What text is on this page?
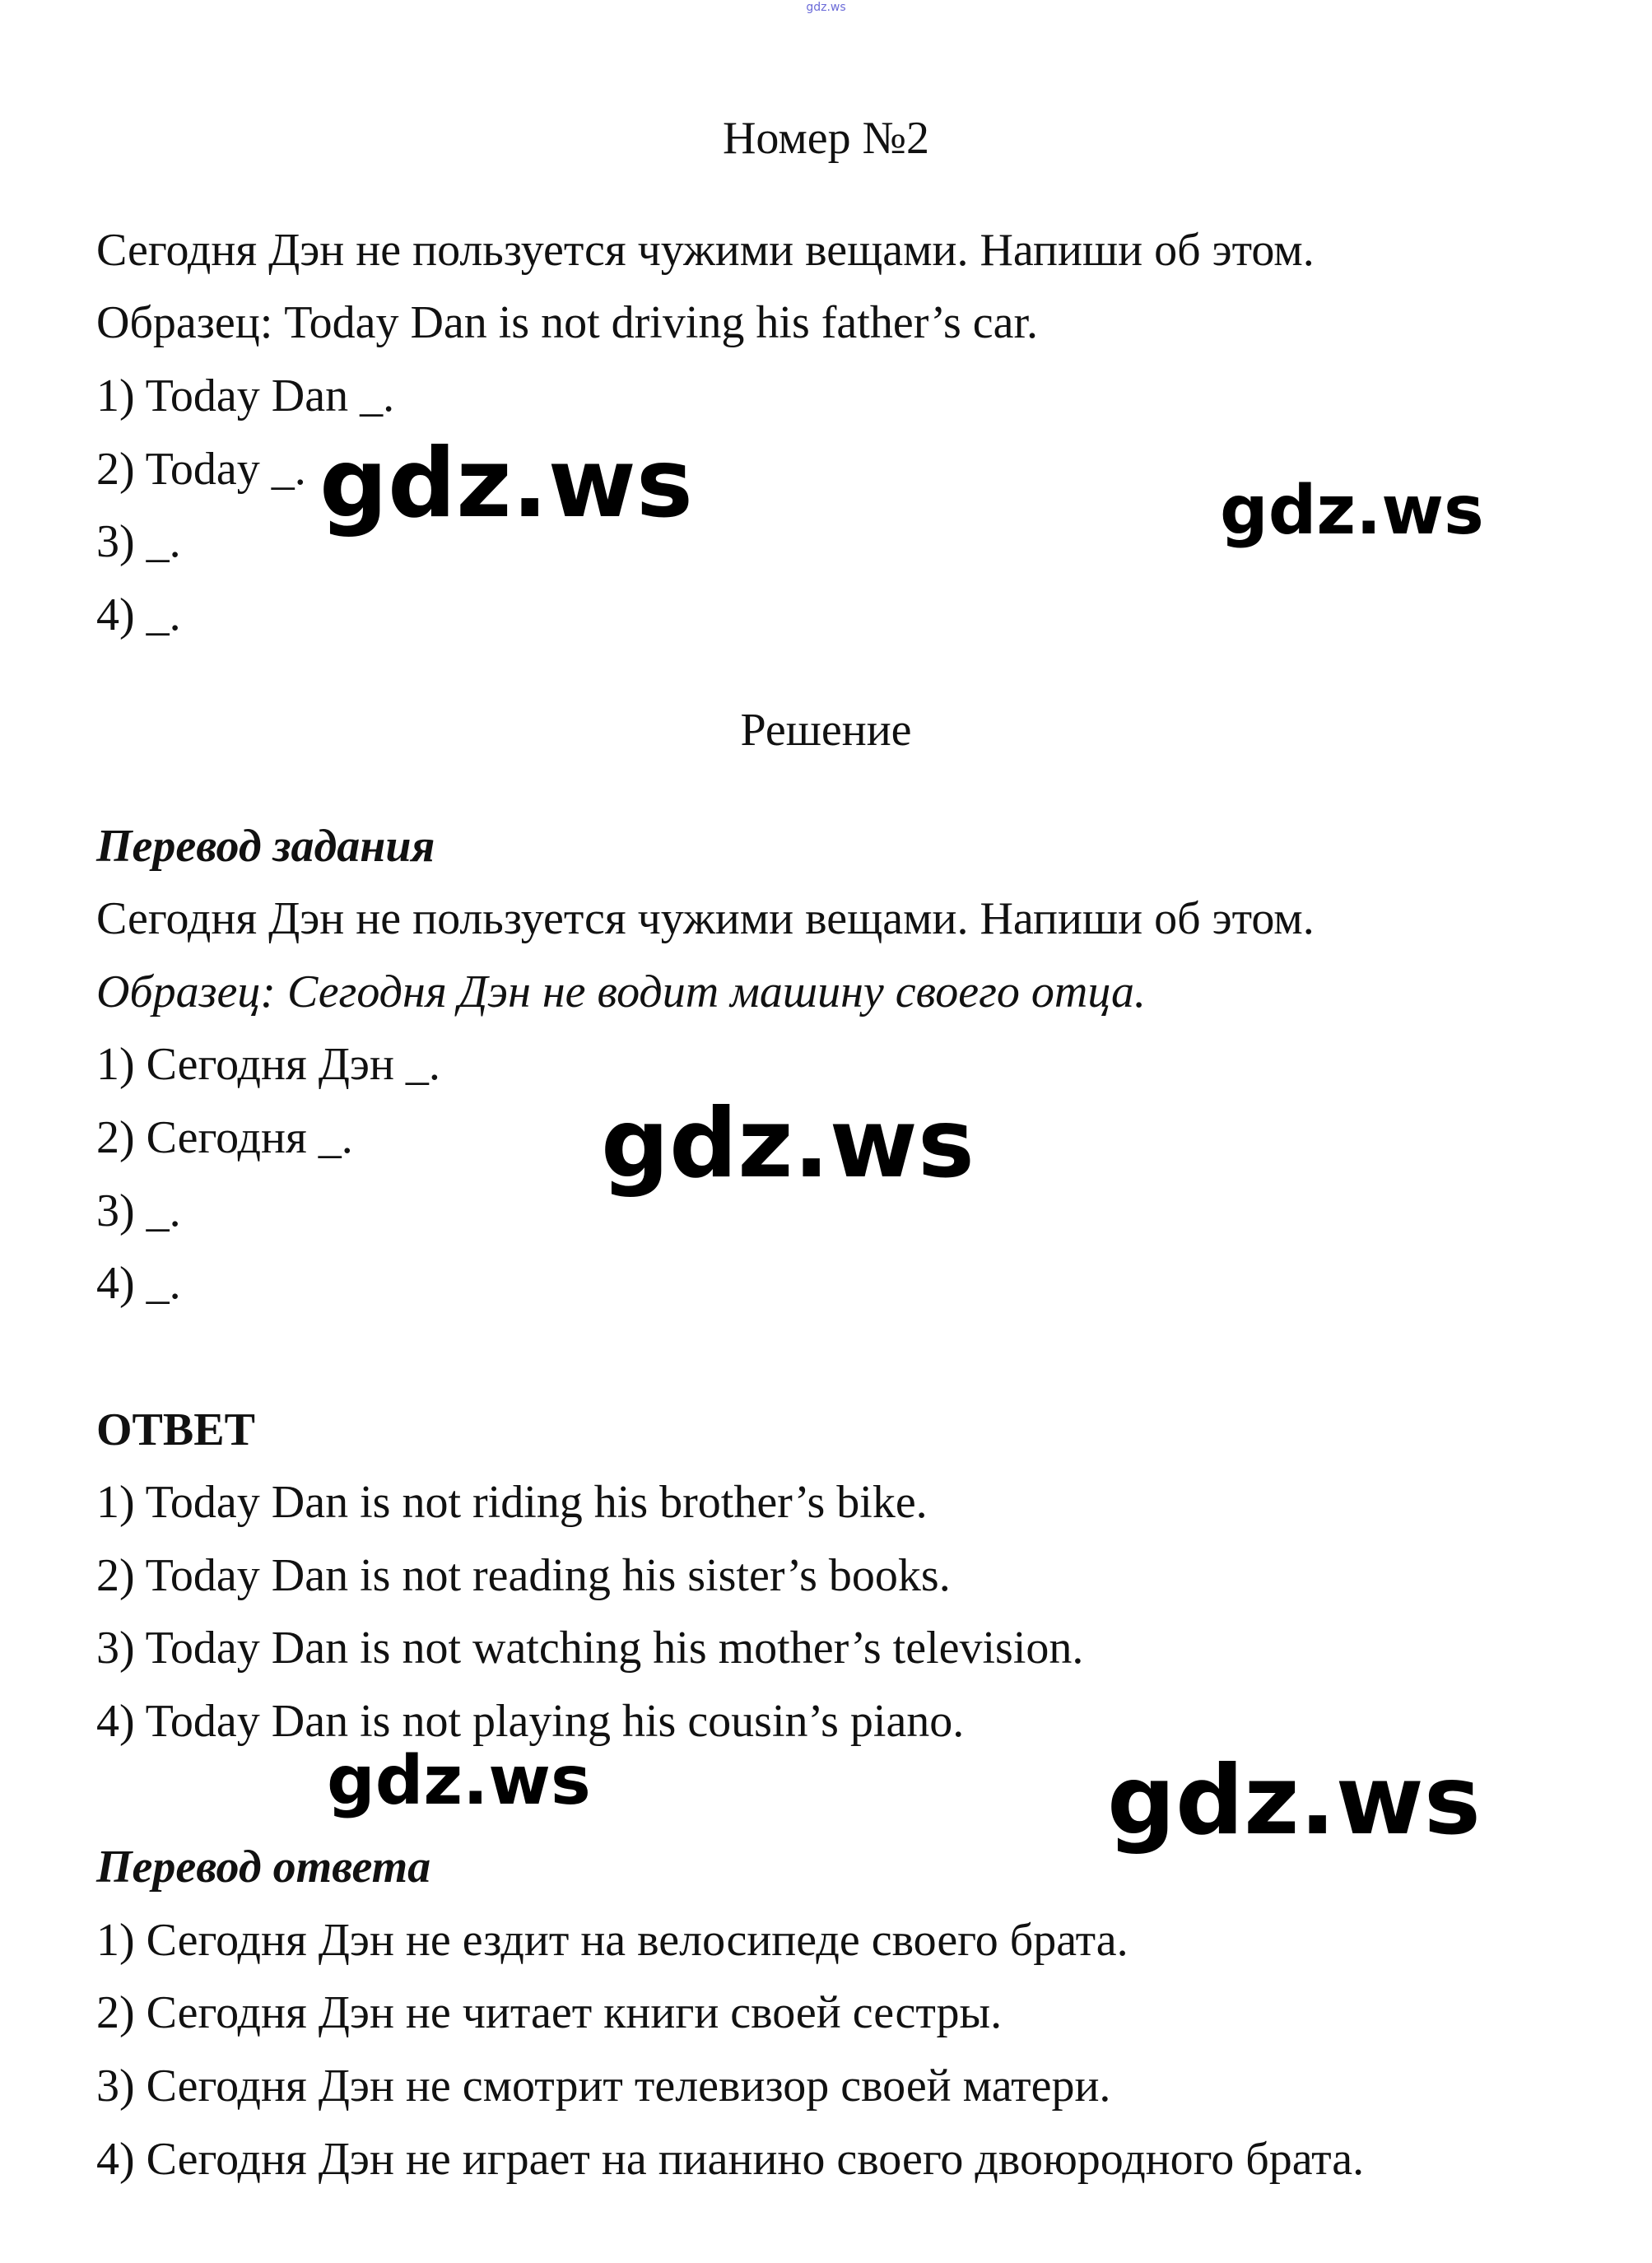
gdz.ws
Номер №2
Сегодня Дэн не пользуется чужими вещами. Напиши об этом.
Образец: Today Dan is not driving his father’s car.
1) Today Dan _.
2) Today _.
3) _.
4) _.
Решение
Перевод задания
Сегодня Дэн не пользуется чужими вещами. Напиши об этом.
Образец: Сегодня Дэн не водит машину своего отца.
1) Сегодня Дэн _.
2) Сегодня _.
3) _.
4) _.
ОТВЕТ
1) Today Dan is not riding his brother’s bike.
2) Today Dan is not reading his sister’s books.
3) Today Dan is not watching his mother’s television.
4) Today Dan is not playing his cousin’s piano.
Перевод ответа
1) Сегодня Дэн не ездит на велосипеде своего брата.
2) Сегодня Дэн не читает книги своей сестры.
3) Сегодня Дэн не смотрит телевизор своей матери.
4) Сегодня Дэн не играет на пианино своего двоюродного брата.
gdz.ws	gdz.ws
gdz.ws
gdz.ws	gdz.ws
